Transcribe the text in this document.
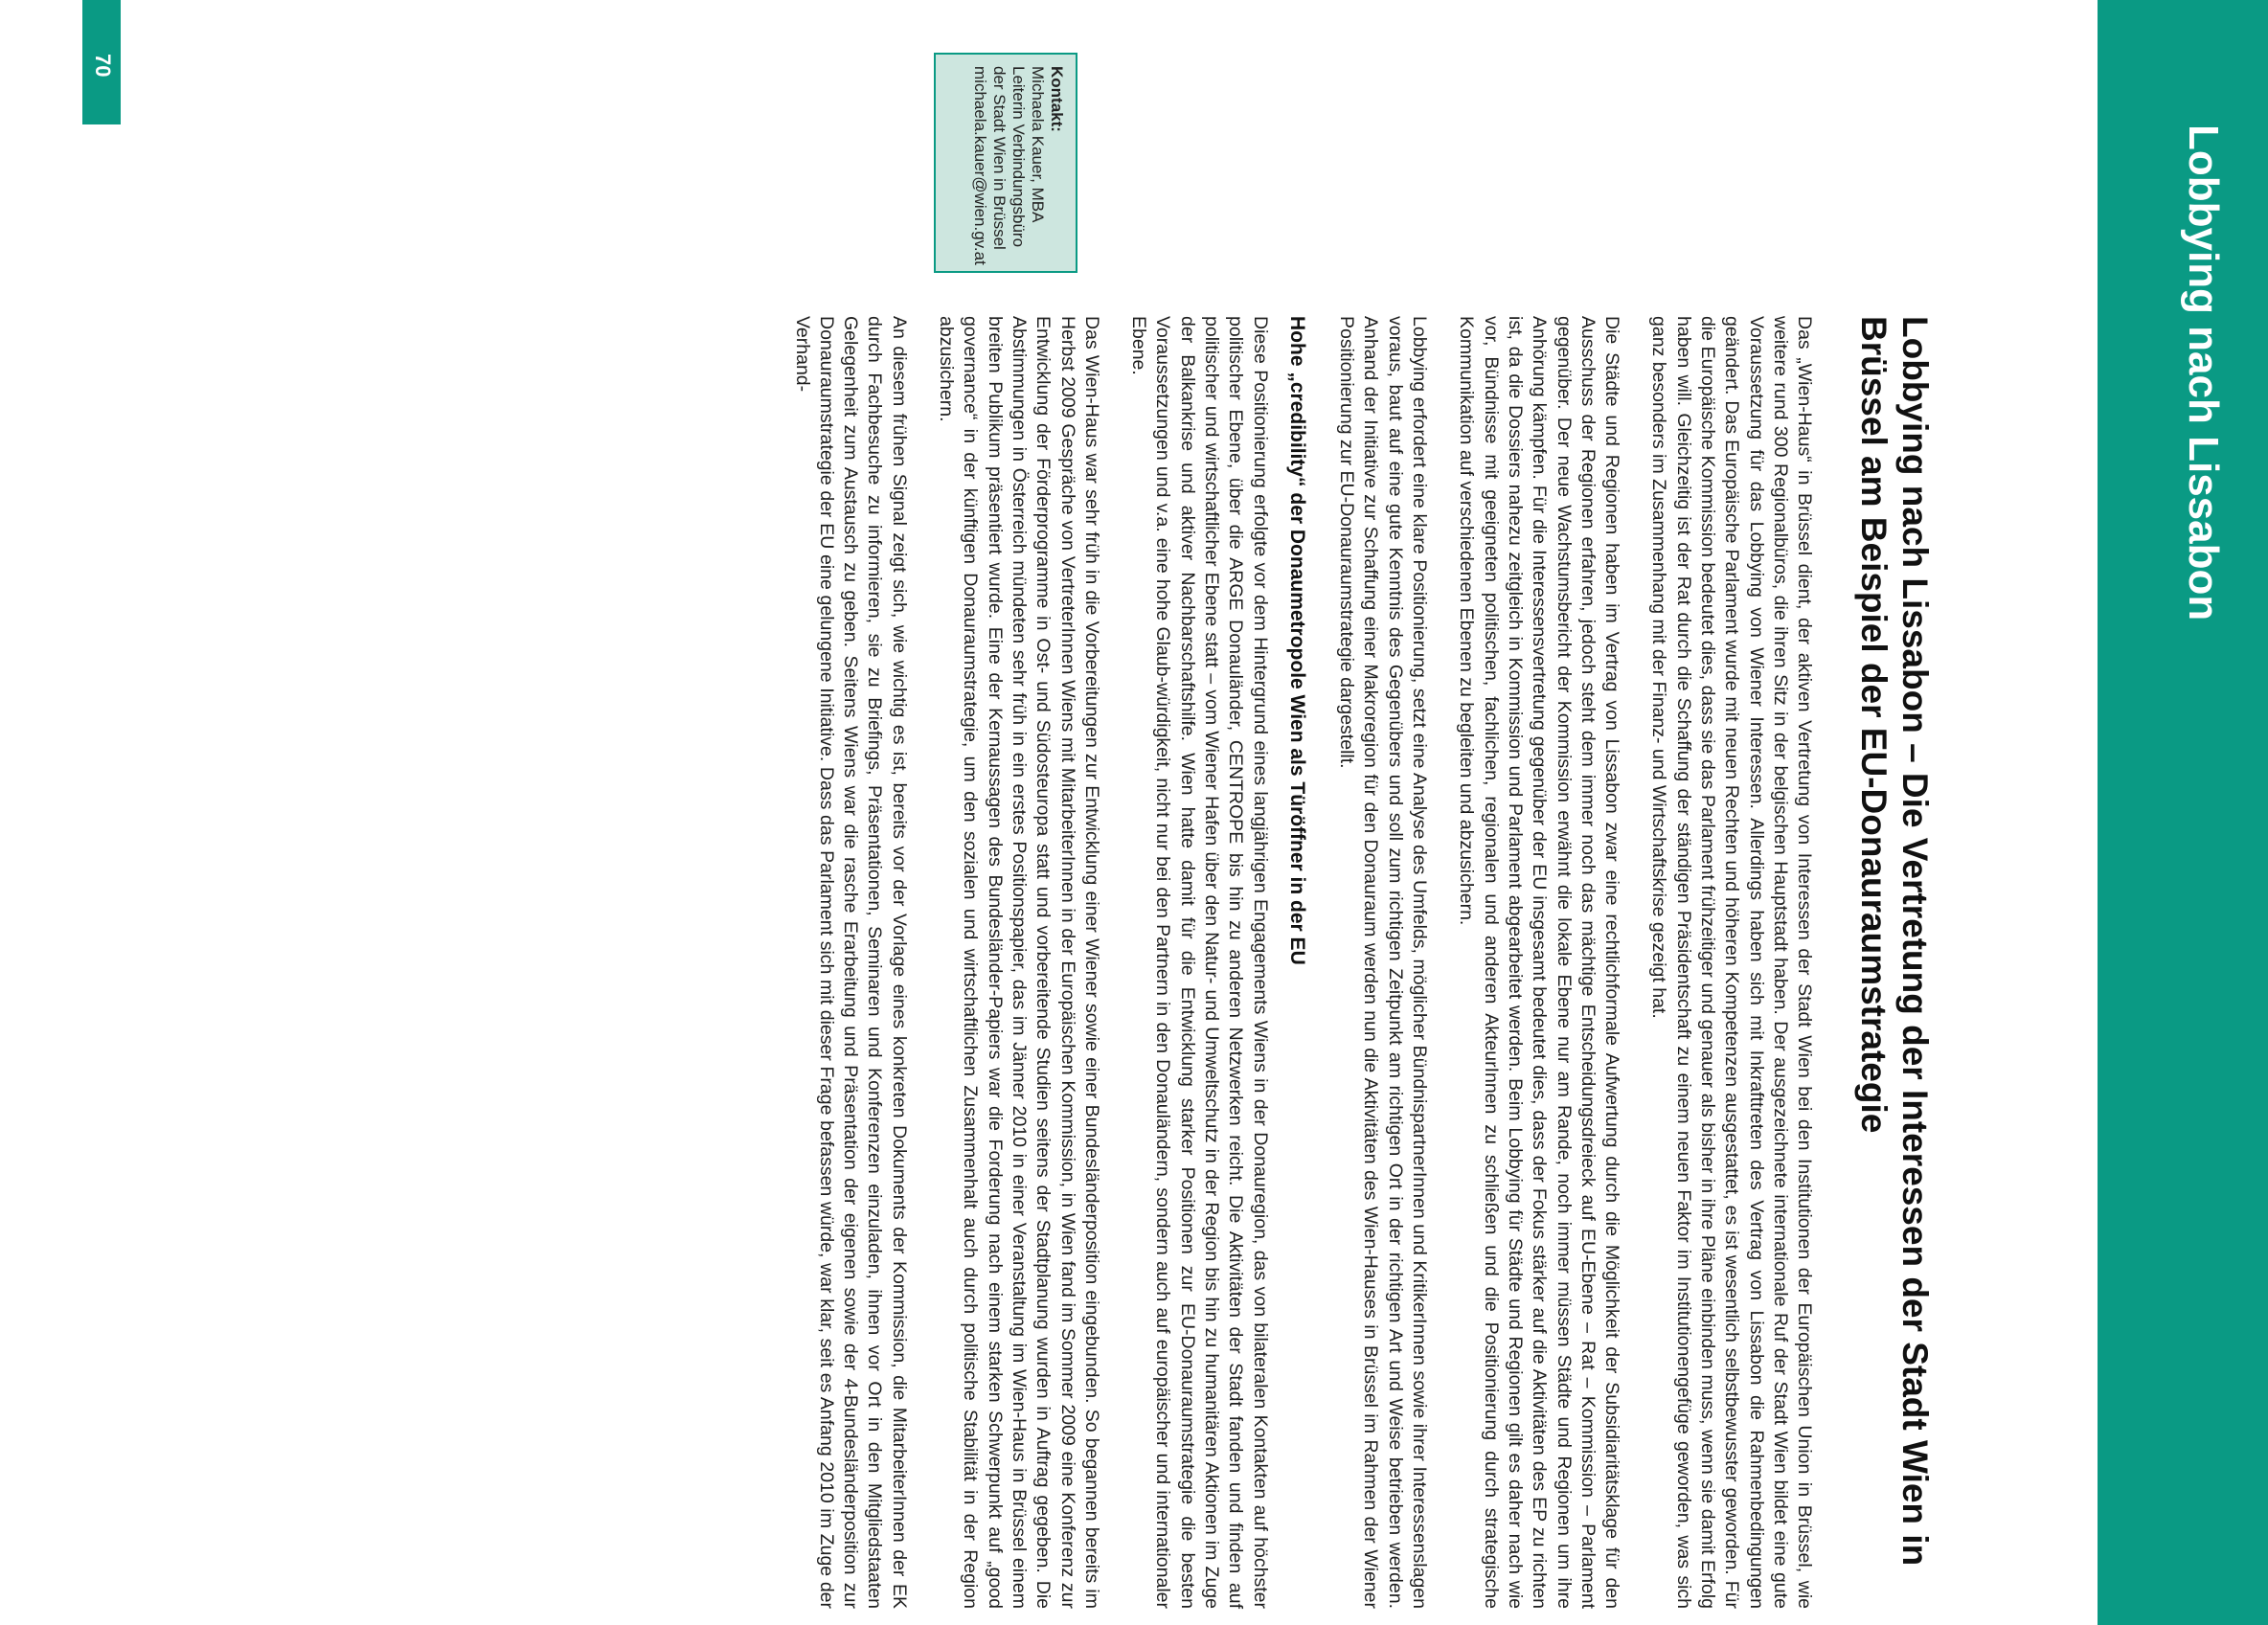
Lobbying nach Lissabon
70
Lobbying nach Lissabon – Die Vertretung der Interessen der Stadt Wien in Brüssel am Beispiel der EU-Donauraumstrategie

Das „Wien-Haus“ in Brüssel dient, der aktiven Vertretung von Interessen der Stadt Wien bei den Institutionen der Europäischen Union in Brüssel, wie weitere rund 300 Regionalbüros, die ihren Sitz in der belgischen Hauptstadt haben. Der ausgezeichnete internationale Ruf der Stadt Wien bildet eine gute Voraussetzung für das Lobbying von Wiener Interessen. Allerdings haben sich mit Inkrafttreten des Vertrag von Lissabon die Rahmenbedingungen geändert. Das Europäische Parlament wurde mit neuen Rechten und höheren Kompetenzen ausgestattet, es ist wesentlich selbstbewusster geworden. Für die Europäische Kommission bedeutet dies, dass sie das Parlament frühzeitiger und genauer als bisher in ihre Pläne einbinden muss, wenn sie damit Erfolg haben will. Gleichzeitig ist der Rat durch die Schaffung der ständigen Präsidentschaft zu einem neuen Faktor im Institutionengefüge geworden, was sich ganz besonders im Zusammenhang mit der Finanz- und Wirtschaftskrise gezeigt hat.

Die Städte und Regionen haben im Vertrag von Lissabon zwar eine rechtlichformale Aufwertung durch die Möglichkeit der Subsidiaritätsklage für den Ausschuss der Regionen erfahren, jedoch steht dem immer noch das mächtige Entscheidungsdreieck auf EU-Ebene – Rat – Kommission – Parlament gegenüber. Der neue Wachstumsbericht der Kommission erwähnt die lokale Ebene nur am Rande, noch immer müssen Städte und Regionen um ihre Anhörung kämpfen. Für die Interessensvertretung gegenüber der EU insgesamt bedeutet dies, dass der Fokus stärker auf die Aktivitäten des EP zu richten ist, da die Dossiers nahezu zeitgleich in Kommission und Parlament abgearbeitet werden. Beim Lobbying für Städte und Regionen gilt es daher nach wie vor, Bündnisse mit geeigneten politischen, fachlichen, regionalen und anderen AkteurInnen zu schließen und die Positionierung durch strategische Kommunikation auf verschiedenen Ebenen zu begleiten und abzusichern.

Lobbying erfordert eine klare Positionierung, setzt eine Analyse des Umfelds, möglicher BündnispartnerInnen und KritikerInnen sowie ihrer Interessenslagen voraus, baut auf eine gute Kenntnis des Gegenübers und soll zum richtigen Zeitpunkt am richtigen Ort in der richtigen Art und Weise betrieben werden. Anhand der Initiative zur Schaffung einer Makroregion für den Donauraum werden nun die Aktivitäten des Wien-Hauses in Brüssel im Rahmen der Wiener Positionierung zur EU-Donauraumstrategie dargestellt.

Hohe „credibility“ der Donaumetropole Wien als Türöffner in der EU

Diese Positionierung erfolgte vor dem Hintergrund eines langjährigen Engagements Wiens in der Donauregion, das von bilateralen Kontakten auf höchster politischer Ebene, über die ARGE Donauländer, CENTROPE bis hin zu anderen Netzwerken reicht. Die Aktivitäten der Stadt fanden und finden auf politischer und wirtschaftlicher Ebene statt – vom Wiener Hafen über den Natur- und Umweltschutz in der Region bis hin zu humanitären Aktionen im Zuge der Balkankrise und aktiver Nachbarschaftshilfe. Wien hatte damit für die Entwicklung starker Positionen zur EU-Donauraumstrategie die besten Voraussetzungen und v.a. eine hohe Glaub-würdigkeit, nicht nur bei den Partnern in den Donauländern, sondern auch auf europäischer und internationaler Ebene.

Das Wien-Haus war sehr früh in die Vorbereitungen zur Entwicklung einer Wiener sowie einer Bundesländerposition eingebunden. So begannen bereits im Herbst 2009 Gespräche von VertreterInnen Wiens mit MitarbeiterInnen in der Europäischen Kommission, in Wien fand im Sommer 2009 eine Konferenz zur Entwicklung der Förderprogramme in Ost- und Südosteuropa statt und vorbereitende Studien seitens der Stadtplanung wurden in Auftrag gegeben. Die Abstimmungen in Österreich mündeten sehr früh in ein erstes Positionspapier, das im Jänner 2010 in einer Veranstaltung im Wien-Haus in Brüssel einem breiten Publikum präsentiert wurde. Eine der Kernaussagen des Bundesländer-Papiers war die Forderung nach einem starken Schwerpunkt auf „good governance“ in der künftigen Donauraumstrategie, um den sozialen und wirtschaftlichen Zusammenhalt auch durch politische Stabilität in der Region abzusichern.

An diesem frühen Signal zeigt sich, wie wichtig es ist, bereits vor der Vorlage eines konkreten Dokuments der Kommission, die MitarbeiterInnen der EK durch Fachbesuche zu informieren, sie zu Briefings, Präsentationen, Seminaren und Konferenzen einzuladen, ihnen vor Ort in den Mitgliedstaaten Gelegenheit zum Austausch zu geben. Seitens Wiens war die rasche Erarbeitung und Präsentation der eigenen sowie der 4-Bundesländerposition zur Donauraumstrategie der EU eine gelungene Initiative. Dass das Parlament sich mit dieser Frage befassen würde, war klar, seit es Anfang 2010 im Zuge der Verhand-

Kontakt:
Michaela Kauer, MBA
Leiterin Verbindungsbüro
der Stadt Wien in Brüssel
michaela.kauer@wien.gv.at
